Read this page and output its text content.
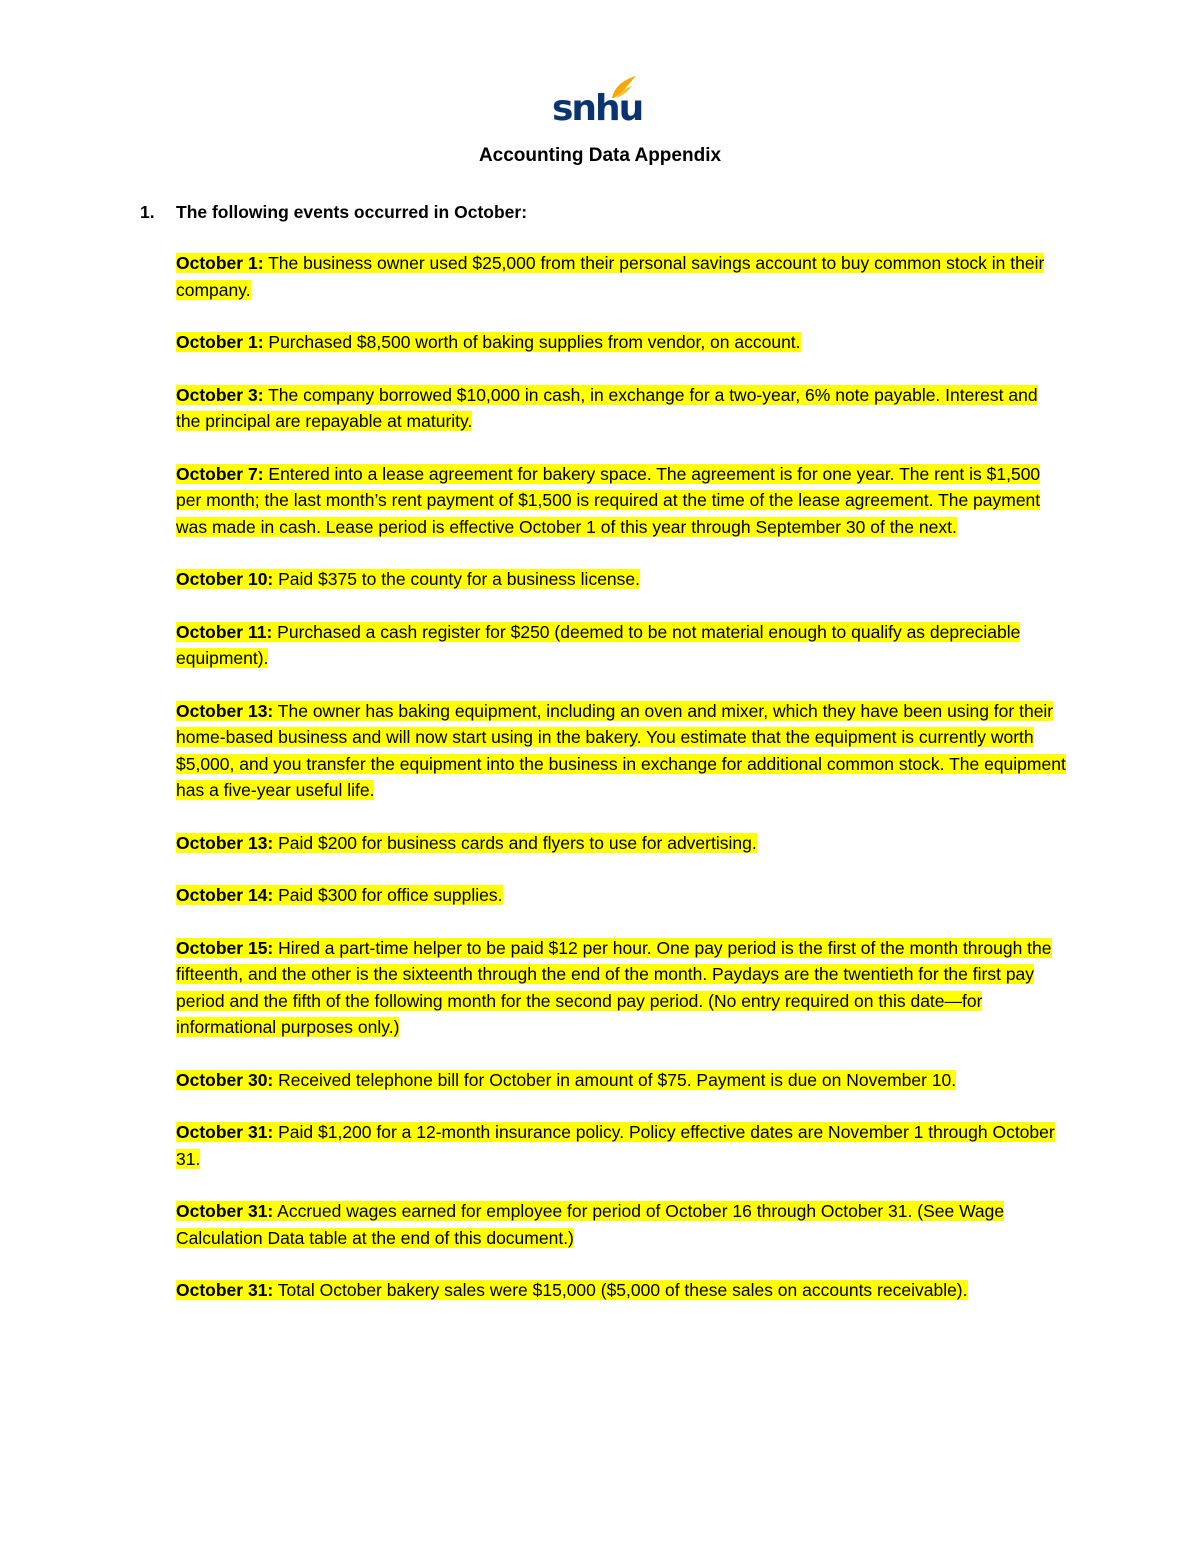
snhu
Accounting Data Appendix
1. The following events occurred in October:
October 1: The business owner used $25,000 from their personal savings account to buy common stock in their company.
October 1: Purchased $8,500 worth of baking supplies from vendor, on account.
October 3: The company borrowed $10,000 in cash, in exchange for a two-year, 6% note payable. Interest and the principal are repayable at maturity.
October 7: Entered into a lease agreement for bakery space. The agreement is for one year. The rent is $1,500 per month; the last month’s rent payment of $1,500 is required at the time of the lease agreement. The payment was made in cash. Lease period is effective October 1 of this year through September 30 of the next.
October 10: Paid $375 to the county for a business license.
October 11: Purchased a cash register for $250 (deemed to be not material enough to qualify as depreciable equipment).
October 13: The owner has baking equipment, including an oven and mixer, which they have been using for their home-based business and will now start using in the bakery. You estimate that the equipment is currently worth $5,000, and you transfer the equipment into the business in exchange for additional common stock. The equipment has a five-year useful life.
October 13: Paid $200 for business cards and flyers to use for advertising.
October 14: Paid $300 for office supplies.
October 15: Hired a part-time helper to be paid $12 per hour. One pay period is the first of the month through the fifteenth, and the other is the sixteenth through the end of the month. Paydays are the twentieth for the first pay period and the fifth of the following month for the second pay period. (No entry required on this date—for informational purposes only.)
October 30: Received telephone bill for October in amount of $75. Payment is due on November 10.
October 31: Paid $1,200 for a 12-month insurance policy. Policy effective dates are November 1 through October 31.
October 31: Accrued wages earned for employee for period of October 16 through October 31. (See Wage Calculation Data table at the end of this document.)
October 31: Total October bakery sales were $15,000 ($5,000 of these sales on accounts receivable).
